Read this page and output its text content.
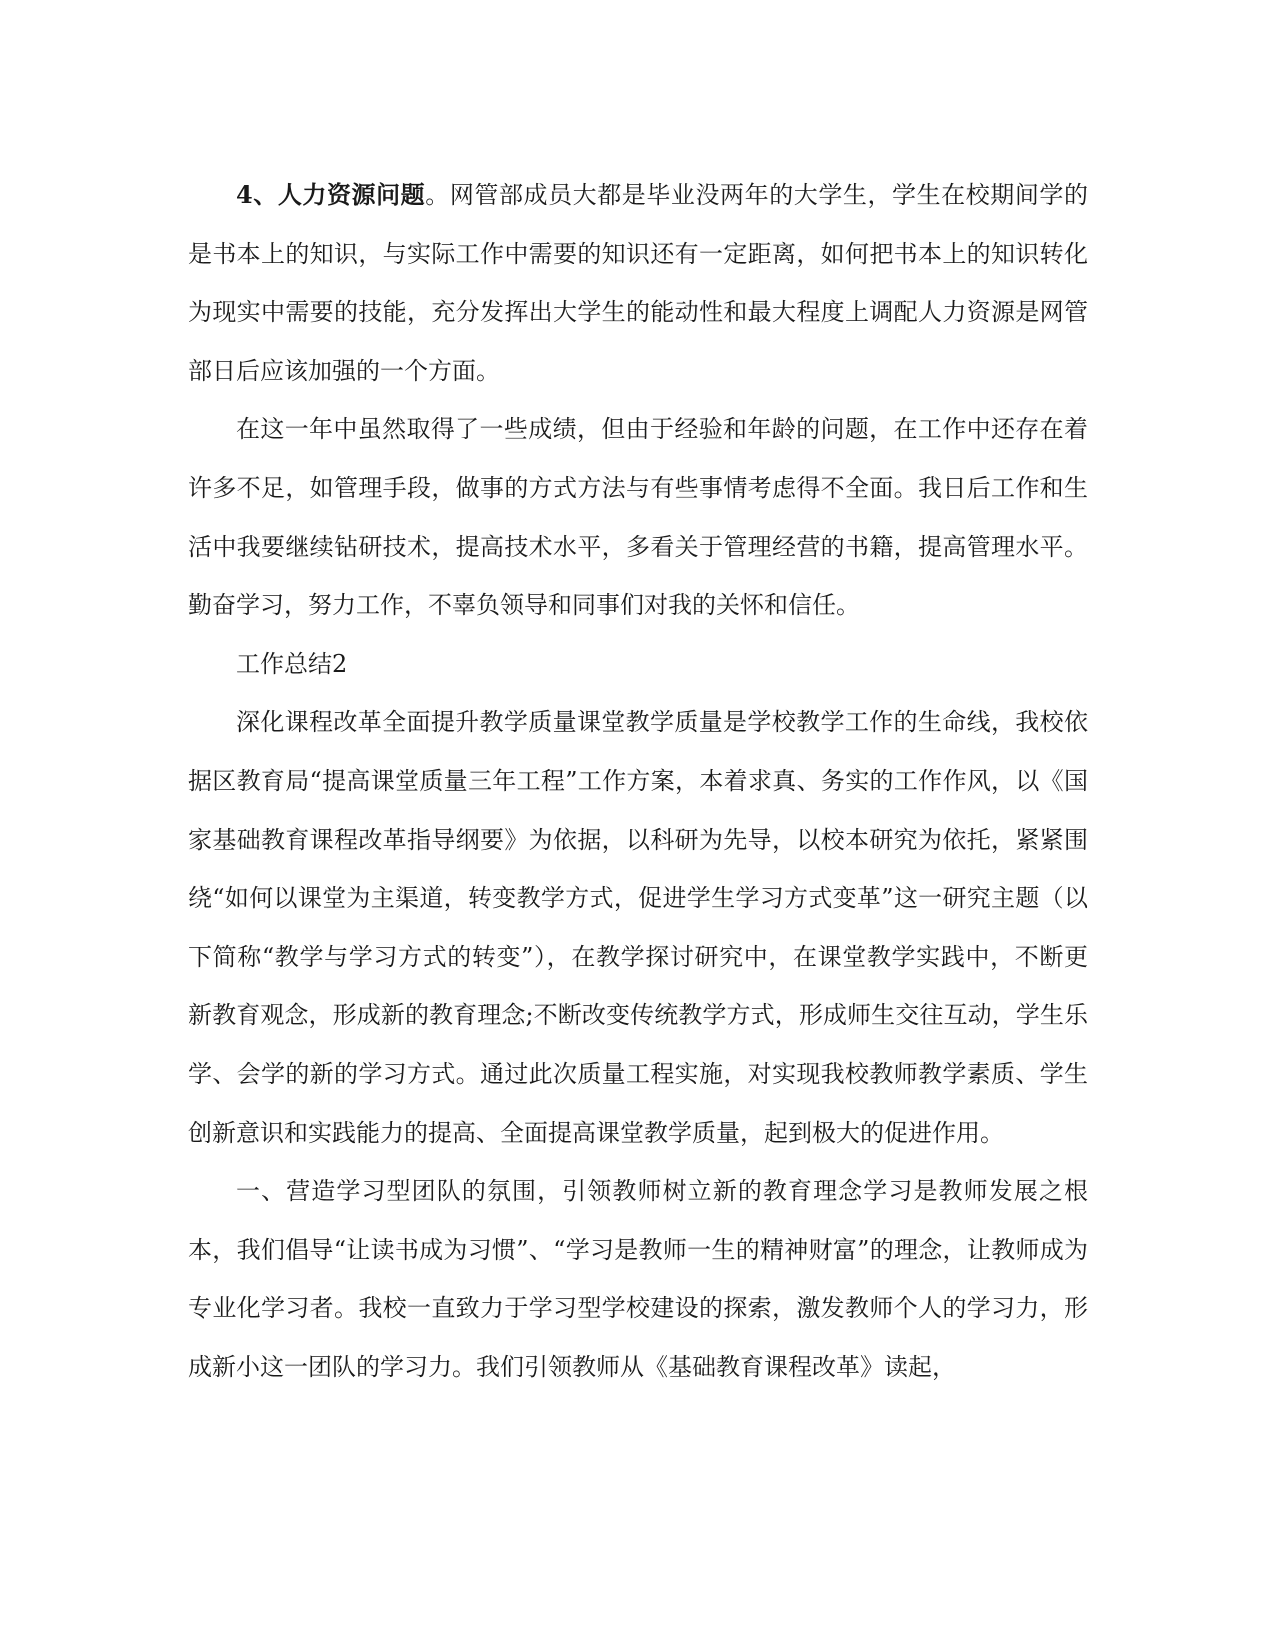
4、人力资源问题。网管部成员大都是毕业没两年的大学生，学生在校期间学的是书本上的知识，与实际工作中需要的知识还有一定距离，如何把书本上的知识转化为现实中需要的技能，充分发挥出大学生的能动性和最大程度上调配人力资源是网管部日后应该加强的一个方面。

在这一年中虽然取得了一些成绩，但由于经验和年龄的问题，在工作中还存在着许多不足，如管理手段，做事的方式方法与有些事情考虑得不全面。我日后工作和生活中我要继续钻研技术，提高技术水平，多看关于管理经营的书籍，提高管理水平。勤奋学习，努力工作，不辜负领导和同事们对我的关怀和信任。

工作总结2

深化课程改革全面提升教学质量课堂教学质量是学校教学工作的生命线，我校依据区教育局“提高课堂质量三年工程”工作方案，本着求真、务实的工作作风，以《国家基础教育课程改革指导纲要》为依据，以科研为先导，以校本研究为依托，紧紧围绕“如何以课堂为主渠道，转变教学方式，促进学生学习方式变革”这一研究主题（以下简称“教学与学习方式的转变”），在教学探讨研究中，在课堂教学实践中，不断更新教育观念，形成新的教育理念;不断改变传统教学方式，形成师生交往互动，学生乐学、会学的新的学习方式。通过此次质量工程实施，对实现我校教师教学素质、学生创新意识和实践能力的提高、全面提高课堂教学质量，起到极大的促进作用。

一、营造学习型团队的氛围，引领教师树立新的教育理念学习是教师发展之根本，我们倡导“让读书成为习惯”、“学习是教师一生的精神财富”的理念，让教师成为专业化学习者。我校一直致力于学习型学校建设的探索，激发教师个人的学习力，形成新小这一团队的学习力。我们引领教师从《基础教育课程改革》读起，
